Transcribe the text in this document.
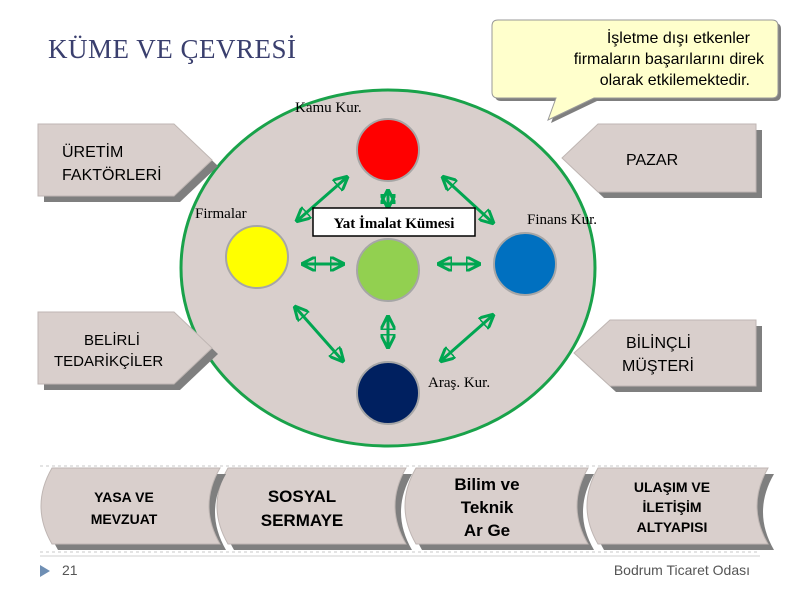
KÜME VE ÇEVRESİ
ÜRETİM
FAKTÖRLERİ
BELİRLİ
TEDARİKÇİLER
PAZAR
BİLİNÇLİ
MÜŞTERİ
İşletme dışı etkenler
firmaların başarılarını direk
olarak etkilemektedir.
Kamu Kur.
Firmalar	Finans Kur.
Araş. Kur.
Yat İmalat Kümesi
ULAŞIM VE
İLETİŞİM
ALTYAPISI
Bilim ve
Teknik
Ar Ge
SOSYAL
SERMAYE
YASA VE
MEVZUAT
21	Bodrum Ticaret Odası
